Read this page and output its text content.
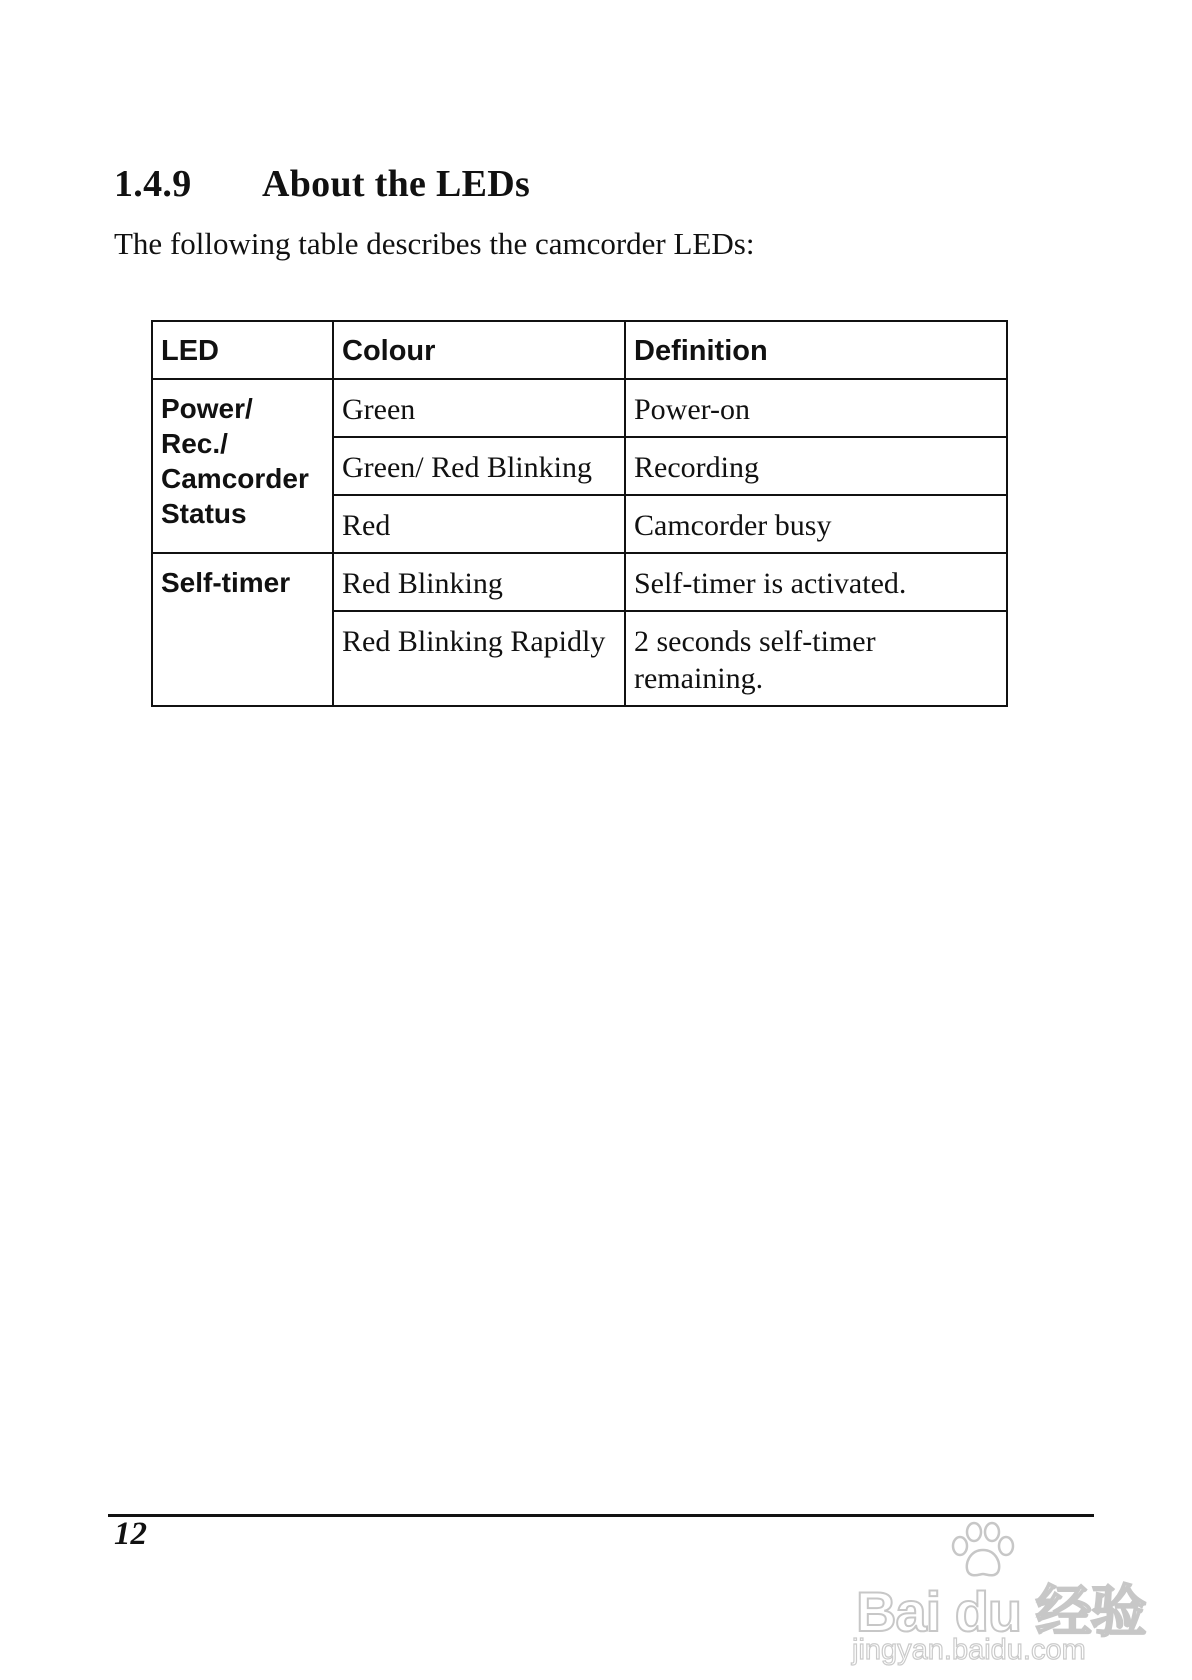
1.4.9 About the LEDs
The following table describes the camcorder LEDs:
LED	Colour	Definition
Power/ Rec./ Camcorder Status	Green	Power-on
	Green/ Red Blinking	Recording
	Red	Camcorder busy
Self-timer	Red Blinking	Self-timer is activated.
	Red Blinking Rapidly	2 seconds self-timer remaining.
12
Bai du 经验
jingyan.baidu.com
